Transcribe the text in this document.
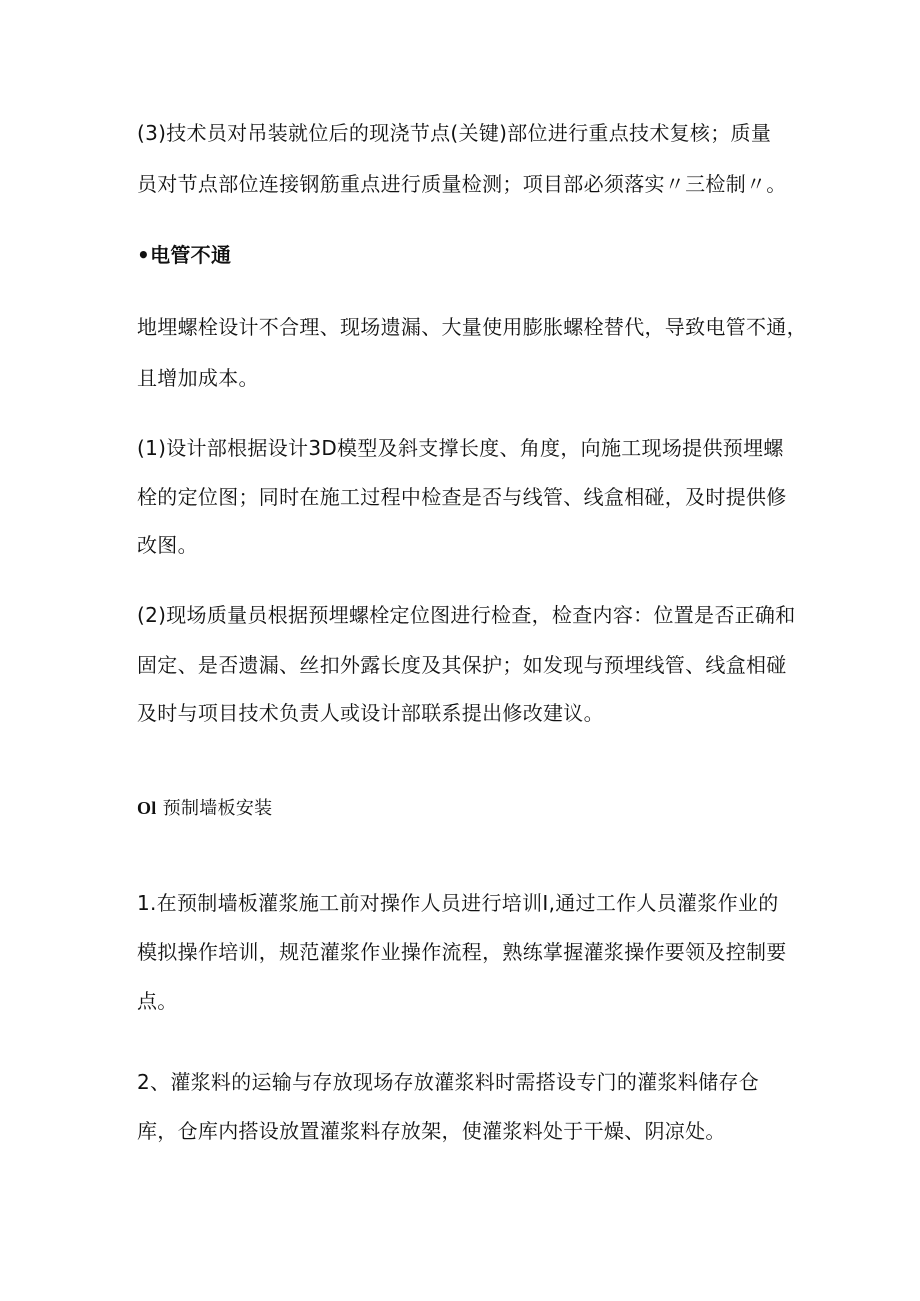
(3)技术员对吊装就位后的现浇节点(关键)部位进行重点技术复核；质量
员对节点部位连接钢筋重点进行质量检测；项目部必须落实〃三检制〃。
•电管不通
地埋螺栓设计不合理、现场遗漏、大量使用膨胀螺栓替代，导致电管不通，
且增加成本。
(1)设计部根据设计3D模型及斜支撑长度、角度，向施工现场提供预埋螺
栓的定位图；同时在施工过程中检查是否与线管、线盒相碰，及时提供修
改图。
(2)现场质量员根据预埋螺栓定位图进行检查，检查内容：位置是否正确和
固定、是否遗漏、丝扣外露长度及其保护；如发现与预埋线管、线盒相碰
及时与项目技术负责人或设计部联系提出修改建议。
Ol 预制墙板安装
1.在预制墙板灌浆施工前对操作人员进行培训I,通过工作人员灌浆作业的
模拟操作培训，规范灌浆作业操作流程，熟练掌握灌浆操作要领及控制要
点。
2、灌浆料的运输与存放现场存放灌浆料时需搭设专门的灌浆料储存仓
库，仓库内搭设放置灌浆料存放架，使灌浆料处于干燥、阴凉处。
